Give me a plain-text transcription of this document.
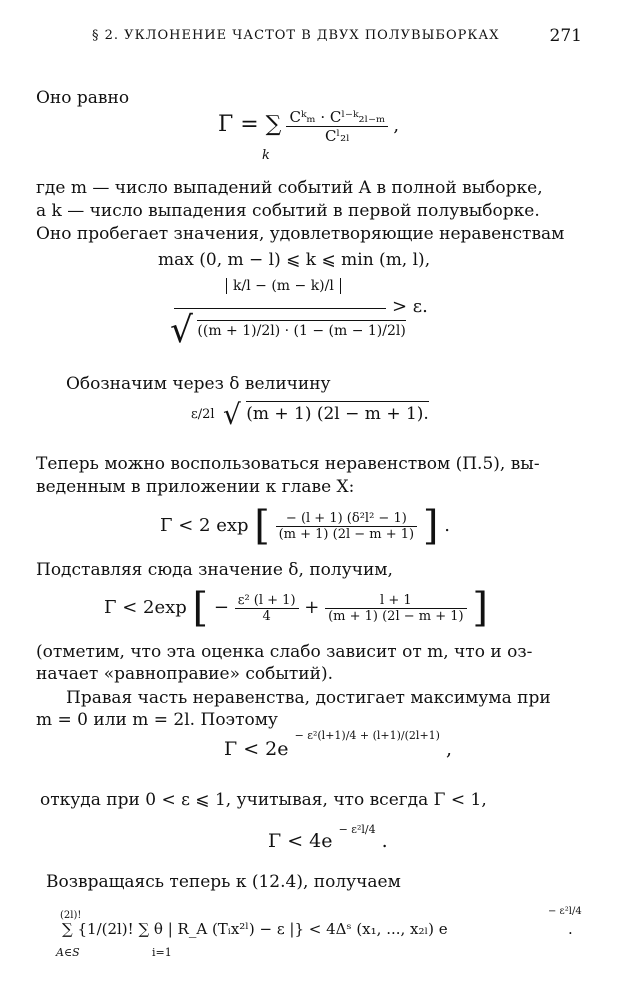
§ 2. УКЛОНЕНИЕ ЧАСТОТ В ДВУХ ПОЛУВЫБОРКАХ	271
Оно равно
Γ = ∑ $\frac{\text{Cᵏₘ · Cˡ⁻ᵏ₂ₗ₋ₘ}}{\text{Cˡ₂ₗ}}$ ,
k
где m — число выпадений событий A в полной выборке,
а k — число выпадения событий в первой полувыборке.
Оно пробегает значения, удовлетворяющие неравенствам
max (0, m − l) ⩽ k ⩽ min (m, l),
k/l − (m − k)/l
√ ((m + 1)/2l) · (1 − (m − 1)/2l)
> ε.
Обозначим через δ величину
ε/2l √ (m + 1) (2l − m + 1).
Теперь можно воспользоваться неравенством (П.5), вы-
веденным в приложении к главе X:
Γ < 2 exp [ $\frac{\text{− (l + 1) (δ²l² − 1)}}{(m + 1) (2l - m + 1)}$ ] .
Подставляя сюда значение δ, получим,
Γ < 2exp [ − $\frac{\text{ε² (l + 1)}}{4} + \frac{l + 1}{(m + 1) (2l - m + 1)}$ ]
(отметим, что эта оценка слабо зависит от m, что и оз-
начает «равноправие» событий).
Правая часть неравенства, достигает максимума при
m = 0 или m = 2l. Поэтому
Γ < 2e $^{- \varepsilon^2(l+1)/4 + (l+1)/(2l+1)}$ ,
откуда при 0 < ε ⩽ 1, учитывая, что всегда Γ < 1,
Γ < 4e $^{- \varepsilon^2l/4}$ .
Возвращаясь теперь к (12.4), получаем
(2l)!
∑ {1/(2l)! ∑ θ | R_A (Tᵢx²ˡ) − ε |} < 4Δˢ (x₁, ..., x₂ₗ) e
− ε²l/4
.
A∈S	i=1
